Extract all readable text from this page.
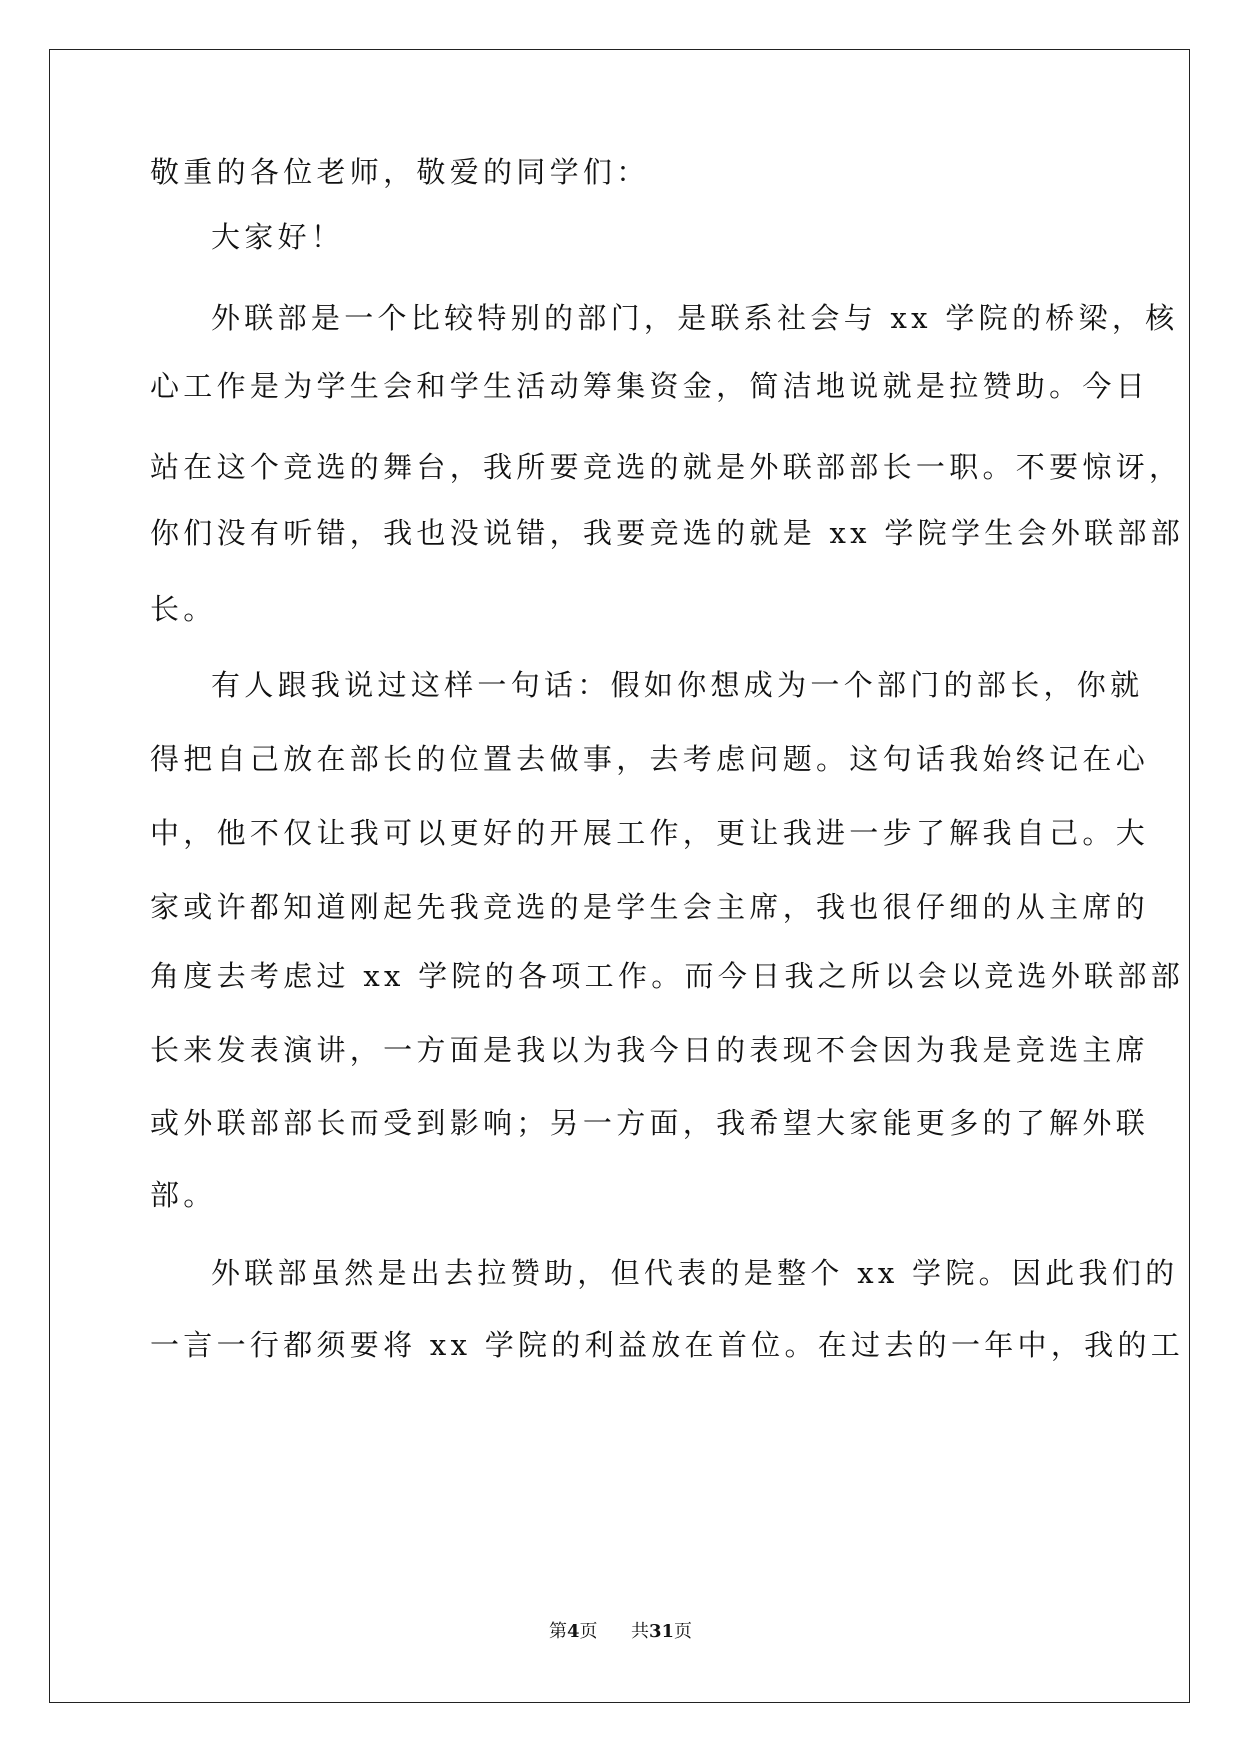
敬重的各位老师，敬爱的同学们：
大家好！
外联部是一个比较特别的部门，是联系社会与 xx 学院的桥梁，核
心工作是为学生会和学生活动筹集资金，简洁地说就是拉赞助。今日
站在这个竞选的舞台，我所要竞选的就是外联部部长一职。不要惊讶，
你们没有听错，我也没说错，我要竞选的就是 xx 学院学生会外联部部
长。
有人跟我说过这样一句话：假如你想成为一个部门的部长，你就
得把自己放在部长的位置去做事，去考虑问题。这句话我始终记在心
中，他不仅让我可以更好的开展工作，更让我进一步了解我自己。大
家或许都知道刚起先我竞选的是学生会主席，我也很仔细的从主席的
角度去考虑过 xx 学院的各项工作。而今日我之所以会以竞选外联部部
长来发表演讲，一方面是我以为我今日的表现不会因为我是竞选主席
或外联部部长而受到影响；另一方面，我希望大家能更多的了解外联
部。
外联部虽然是出去拉赞助，但代表的是整个 xx 学院。因此我们的
一言一行都须要将 xx 学院的利益放在首位。在过去的一年中，我的工
第4页 共31页
